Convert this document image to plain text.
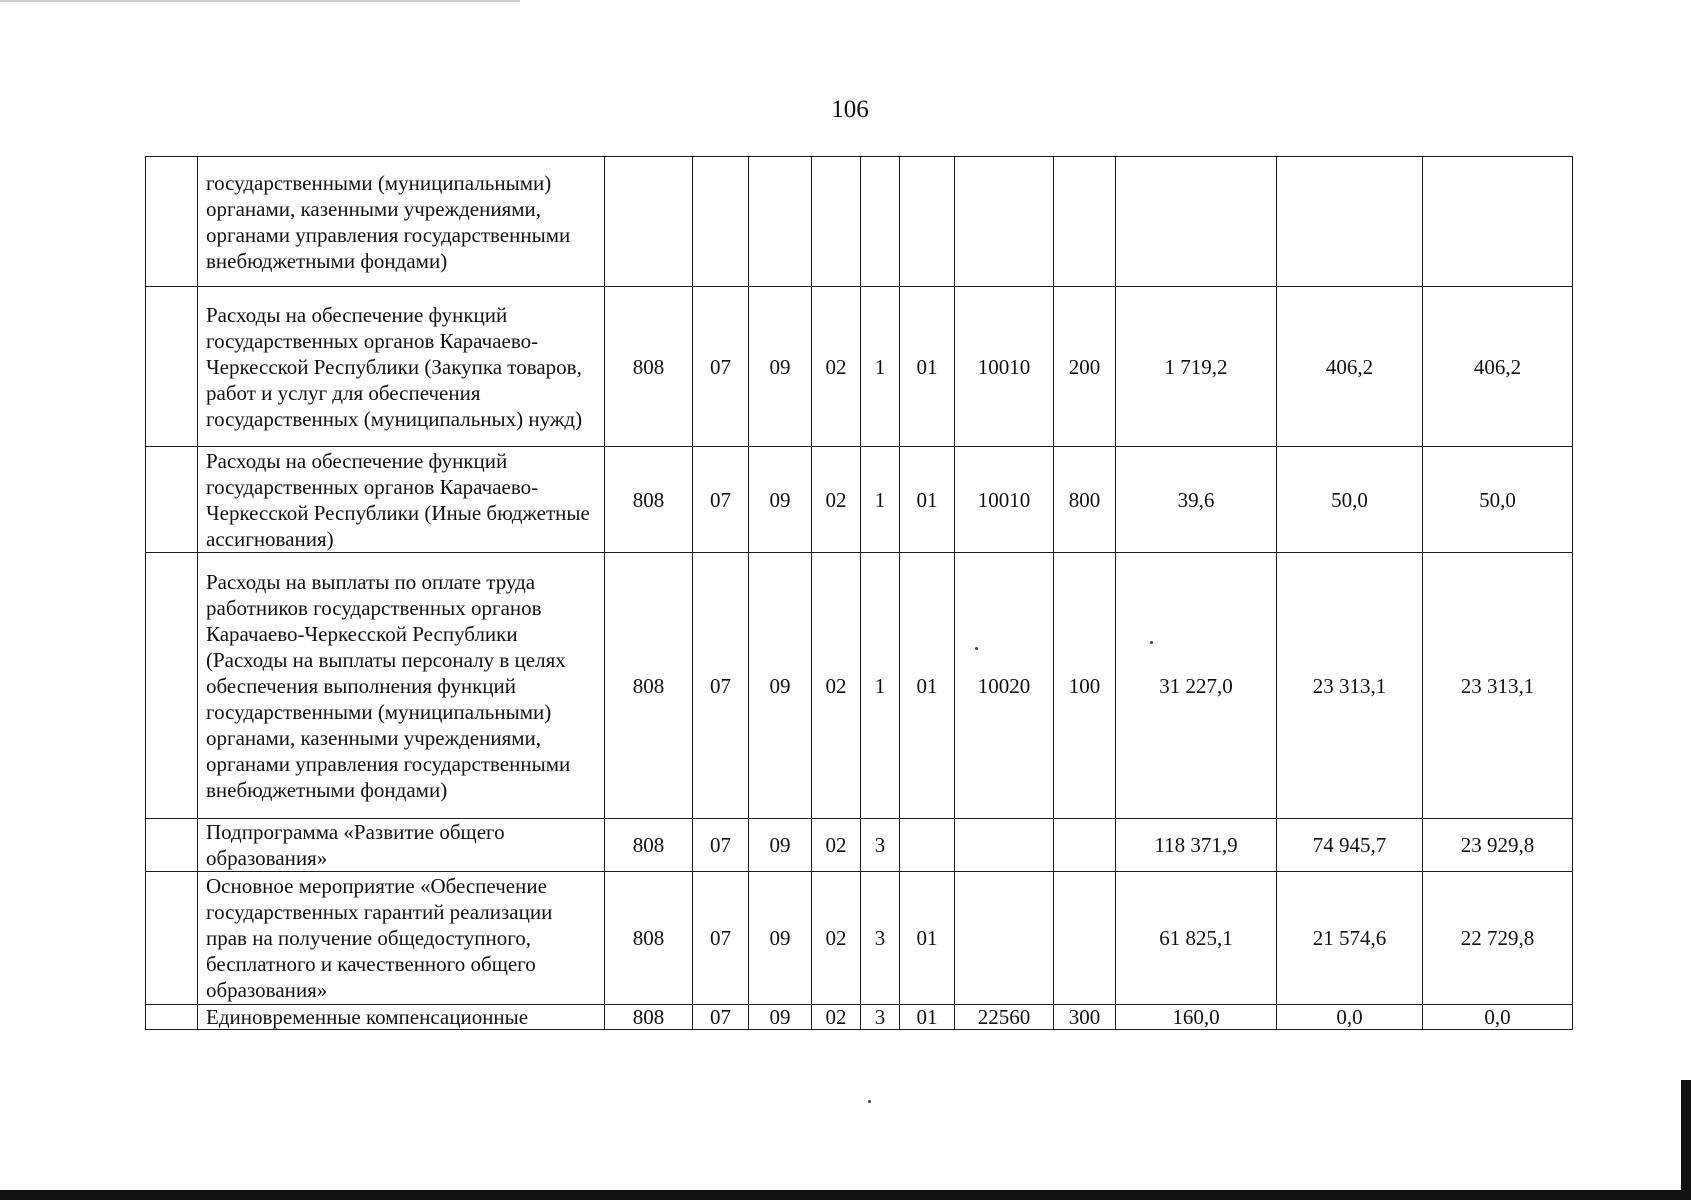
106
	государственными (муниципальными) органами, казенными учреждениями, органами управления государственными внебюджетными фондами)											
	Расходы на обеспечение функций государственных органов Карачаево-Черкесской Республики (Закупка товаров, работ и услуг для обеспечения государственных (муниципальных) нужд)	808	07	09	02	1	01	10010	200	1 719,2	406,2	406,2
	Расходы на обеспечение функций государственных органов Карачаево-Черкесской Республики (Иные бюджетные ассигнования)	808	07	09	02	1	01	10010	800	39,6	50,0	50,0
	Расходы на выплаты по оплате труда работников государственных органов Карачаево-Черкесской Республики (Расходы на выплаты персоналу в целях обеспечения выполнения функций государственными (муниципальными) органами, казенными учреждениями, органами управления государственными внебюджетными фондами)	808	07	09	02	1	01	10020	100	31 227,0	23 313,1	23 313,1
	Подпрограмма «Развитие общего образования»	808	07	09	02	3				118 371,9	74 945,7	23 929,8
	Основное мероприятие «Обеспечение государственных гарантий реализации прав на получение общедоступного, бесплатного и качественного общего образования»	808	07	09	02	3	01			61 825,1	21 574,6	22 729,8
	Единовременные компенсационные	808	07	09	02	3	01	22560	300	160,0	0,0	0,0
